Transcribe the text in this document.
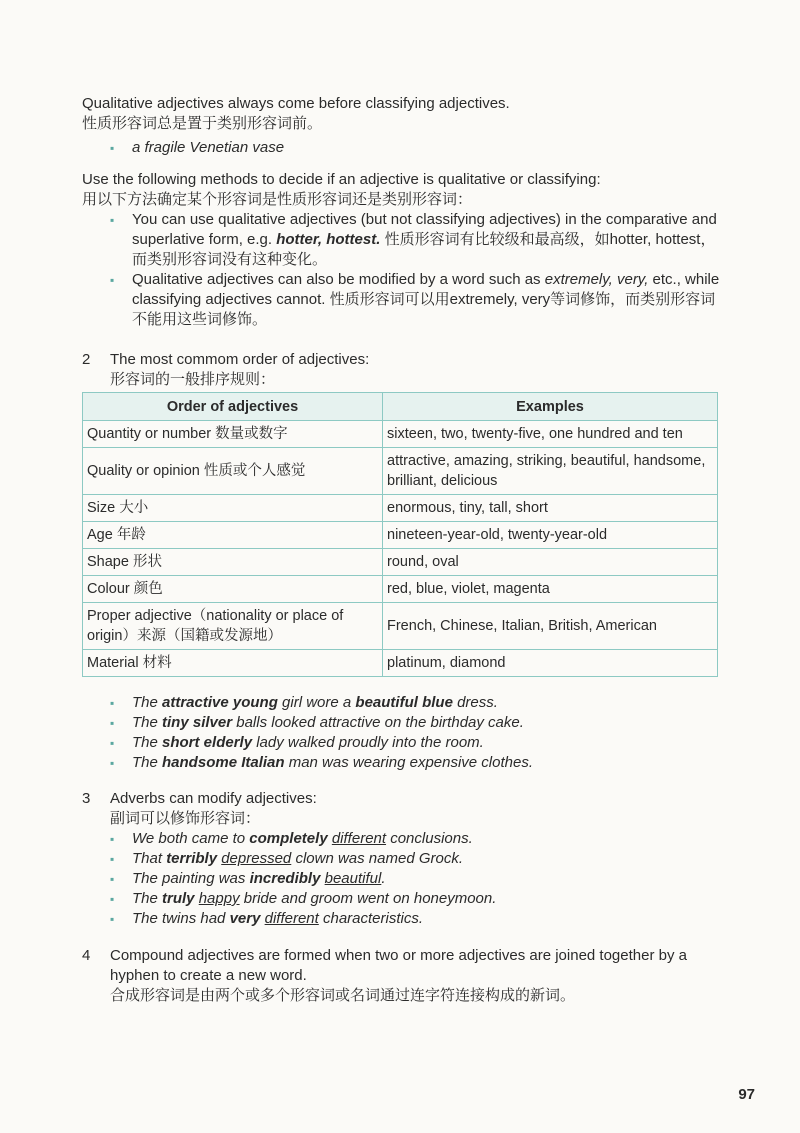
Qualitative adjectives always come before classifying adjectives.

性质形容词总是置于类别形容词前。

▪ a fragile Venetian vase

Use the following methods to decide if an adjective is qualitative or classifying:

用以下方法确定某个形容词是性质形容词还是类别形容词：

▪ You can use qualitative adjectives (but not classifying adjectives) in the comparative and superlative form, e.g. hotter, hottest. 性质形容词有比较级和最高级，如hotter, hottest，而类别形容词没有这种变化。

▪ Qualitative adjectives can also be modified by a word such as extremely, very, etc., while classifying adjectives cannot. 性质形容词可以用extremely, very等词修饰，而类别形容词不能用这些词修饰。

2	The most commom order of adjectives:

形容词的一般排序规则：

Order of adjectives	Examples
Quantity or number 数量或数字	sixteen, two, twenty-five, one hundred and ten
Quality or opinion 性质或个人感觉	attractive, amazing, striking, beautiful, handsome, brilliant, delicious
Size 大小	enormous, tiny, tall, short
Age 年龄	nineteen-year-old, twenty-year-old
Shape 形状	round, oval
Colour 颜色	red, blue, violet, magenta
Proper adjective（nationality or place of origin）来源（国籍或发源地）	French, Chinese, Italian, British, American
Material 材料	platinum, diamond

▪ The attractive young girl wore a beautiful blue dress.

▪ The tiny silver balls looked attractive on the birthday cake.

▪ The short elderly lady walked proudly into the room.

▪ The handsome Italian man was wearing expensive clothes.

3	Adverbs can modify adjectives:

副词可以修饰形容词：

▪ We both came to completely different conclusions.

▪ That terribly depressed clown was named Grock.

▪ The painting was incredibly beautiful.

▪ The truly happy bride and groom went on honeymoon.

▪ The twins had very different characteristics.

4	Compound adjectives are formed when two or more adjectives are joined together by a hyphen to create a new word.

合成形容词是由两个或多个形容词或名词通过连字符连接构成的新词。

97
